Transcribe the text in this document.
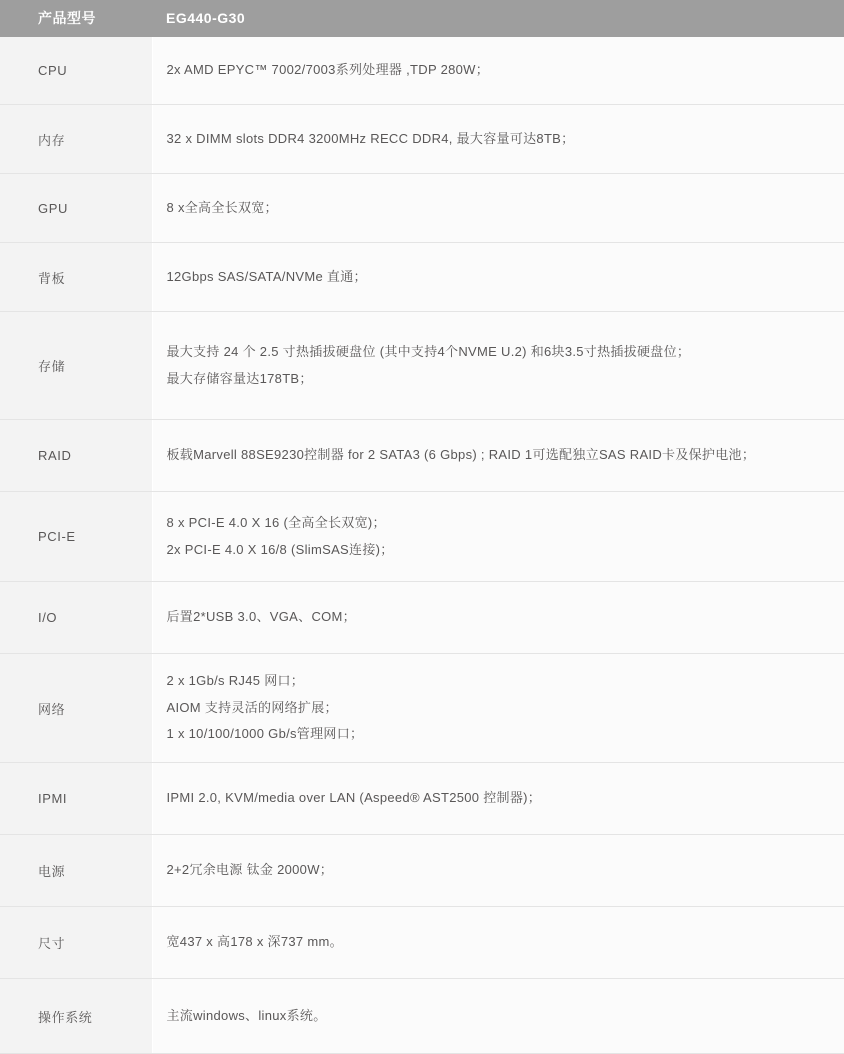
产品型号	EG440-G30
CPU	2x AMD EPYC™ 7002/7003系列处理器 ,TDP 280W；

内存	32 x DIMM slots DDR4 3200MHz RECC DDR4, 最大容量可达8TB；

GPU	8 x全高全长双宽；

背板	12Gbps SAS/SATA/NVMe 直通；

存储	最大支持 24 个 2.5 寸热插拔硬盘位 (其中支持4个NVME U.2) 和6块3.5寸热插拔硬盘位；
最大存储容量达178TB；

RAID	板载Marvell 88SE9230控制器 for 2 SATA3 (6 Gbps) ; RAID 1可选配独立SAS RAID卡及保护电池；

PCI-E	8 x PCI-E 4.0 X 16 (全高全长双宽)；
2x PCI-E 4.0 X 16/8 (SlimSAS连接)；

I/O	后置2*USB 3.0、VGA、COM；

网络	2 x 1Gb/s RJ45 网口；
AIOM 支持灵活的网络扩展；
1 x 10/100/1000 Gb/s管理网口；

IPMI	IPMI 2.0, KVM/media over LAN (Aspeed® AST2500 控制器)；

电源	2+2冗余电源 钛金 2000W；

尺寸	宽437 x 高178 x 深737 mm。

操作系统	主流windows、linux系统。
